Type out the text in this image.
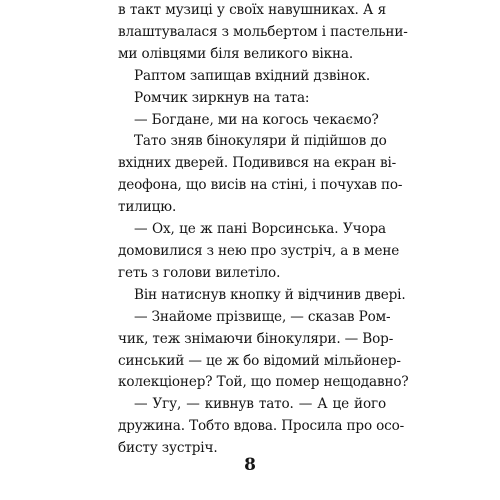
в такт музиці у своїх навушниках. А я
влаштувалася з мольбертом і пастельни-
ми олівцями біля великого вікна.
Раптом запищав вхідний дзвінок.
Ромчик зиркнув на тата:
— Богдане, ми на когось чекаємо?
Тато зняв бінокуляри й підійшов до
вхідних дверей. Подивився на екран ві-
деофона, що висів на стіні, і почухав по-
тилицю.
— Ох, це ж пані Ворсинська. Учора
домовилися з нею про зустріч, а в мене
геть з голови вилетіло.
Він натиснув кнопку й відчинив двері.
— Знайоме прізвище, — сказав Ром-
чик, теж знімаючи бінокуляри. — Вор-
синський — це ж бо відомий мільйонер-
колекціонер? Той, що помер нещодавно?
— Угу, — кивнув тато. — А це його
дружина. Тобто вдова. Просила про осо-
бисту зустріч.
8
